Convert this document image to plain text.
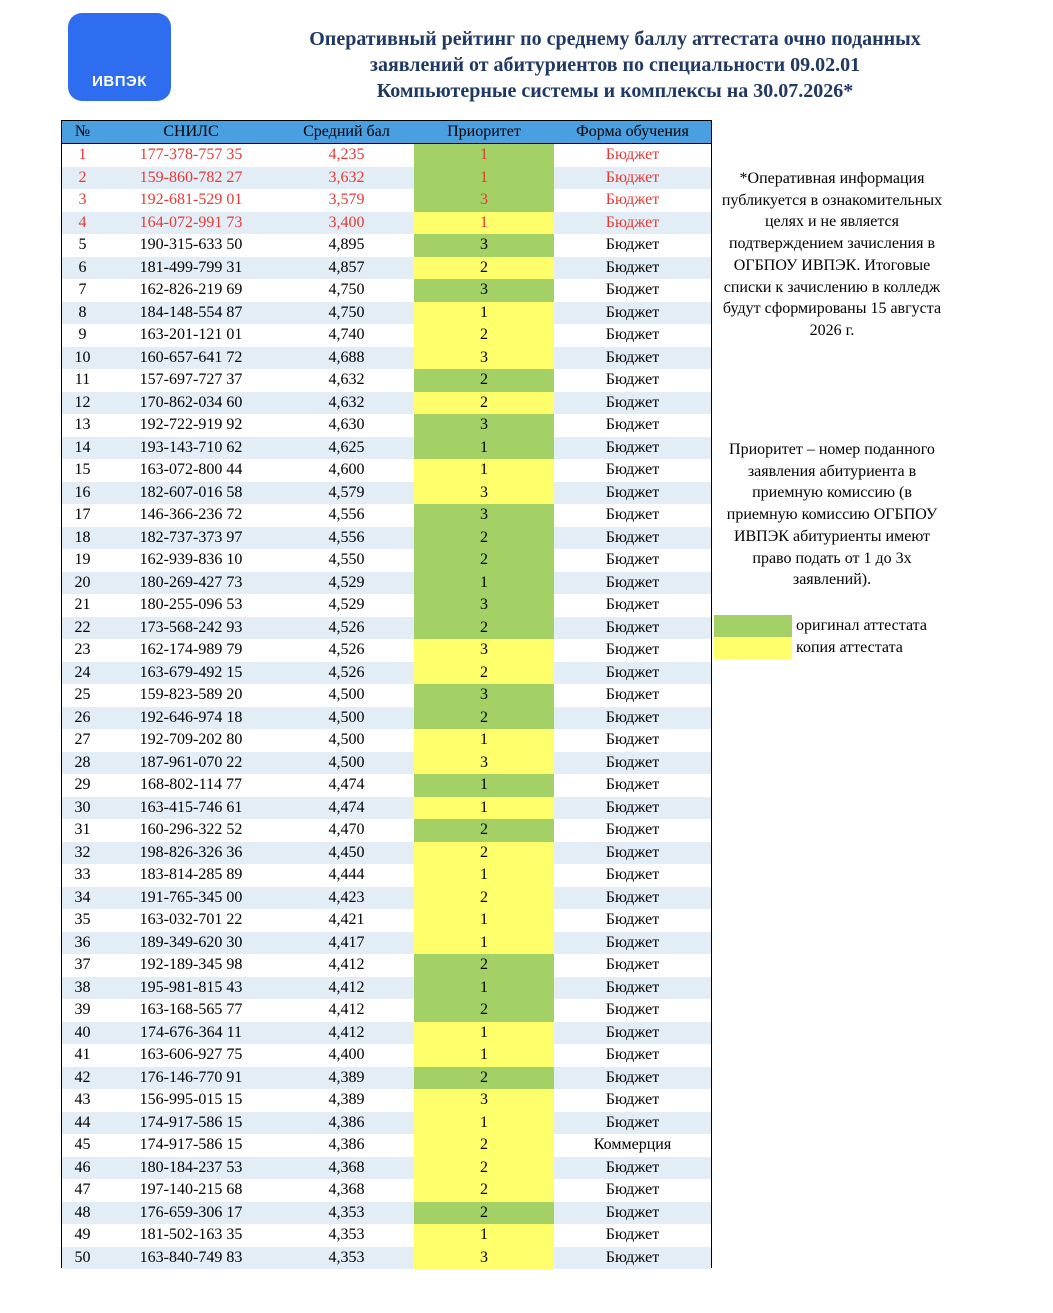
ИВПЭК
Оперативный рейтинг по среднему баллу аттестата очно поданных
заявлений от абитуриентов по специальности 09.02.01
Компьютерные системы и комплексы на 30.07.2026*
№	СНИЛС	Средний бал	Приоритет	Форма обучения
1	177-378-757 35	4,235	1	Бюджет
2	159-860-782 27	3,632	1	Бюджет
3	192-681-529 01	3,579	3	Бюджет
4	164-072-991 73	3,400	1	Бюджет
5	190-315-633 50	4,895	3	Бюджет
6	181-499-799 31	4,857	2	Бюджет
7	162-826-219 69	4,750	3	Бюджет
8	184-148-554 87	4,750	1	Бюджет
9	163-201-121 01	4,740	2	Бюджет
10	160-657-641 72	4,688	3	Бюджет
11	157-697-727 37	4,632	2	Бюджет
12	170-862-034 60	4,632	2	Бюджет
13	192-722-919 92	4,630	3	Бюджет
14	193-143-710 62	4,625	1	Бюджет
15	163-072-800 44	4,600	1	Бюджет
16	182-607-016 58	4,579	3	Бюджет
17	146-366-236 72	4,556	3	Бюджет
18	182-737-373 97	4,556	2	Бюджет
19	162-939-836 10	4,550	2	Бюджет
20	180-269-427 73	4,529	1	Бюджет
21	180-255-096 53	4,529	3	Бюджет
22	173-568-242 93	4,526	2	Бюджет
23	162-174-989 79	4,526	3	Бюджет
24	163-679-492 15	4,526	2	Бюджет
25	159-823-589 20	4,500	3	Бюджет
26	192-646-974 18	4,500	2	Бюджет
27	192-709-202 80	4,500	1	Бюджет
28	187-961-070 22	4,500	3	Бюджет
29	168-802-114 77	4,474	1	Бюджет
30	163-415-746 61	4,474	1	Бюджет
31	160-296-322 52	4,470	2	Бюджет
32	198-826-326 36	4,450	2	Бюджет
33	183-814-285 89	4,444	1	Бюджет
34	191-765-345 00	4,423	2	Бюджет
35	163-032-701 22	4,421	1	Бюджет
36	189-349-620 30	4,417	1	Бюджет
37	192-189-345 98	4,412	2	Бюджет
38	195-981-815 43	4,412	1	Бюджет
39	163-168-565 77	4,412	2	Бюджет
40	174-676-364 11	4,412	1	Бюджет
41	163-606-927 75	4,400	1	Бюджет
42	176-146-770 91	4,389	2	Бюджет
43	156-995-015 15	4,389	3	Бюджет
44	174-917-586 15	4,386	1	Бюджет
45	174-917-586 15	4,386	2	Коммерция
46	180-184-237 53	4,368	2	Бюджет
47	197-140-215 68	4,368	2	Бюджет
48	176-659-306 17	4,353	2	Бюджет
49	181-502-163 35	4,353	1	Бюджет
50	163-840-749 83	4,353	3	Бюджет
*Оперативная информация публикуется в ознакомительных целях и не является подтверждением зачисления в ОГБПОУ ИВПЭК. Итоговые списки к зачислению в колледж будут сформированы 15 августа 2026 г.
Приоритет – номер поданного заявления абитуриента в приемную комиссию (в приемную комиссию ОГБПОУ ИВПЭК абитуриенты имеют право подать от 1 до 3х заявлений).
оригинал аттестата
копия аттестата
